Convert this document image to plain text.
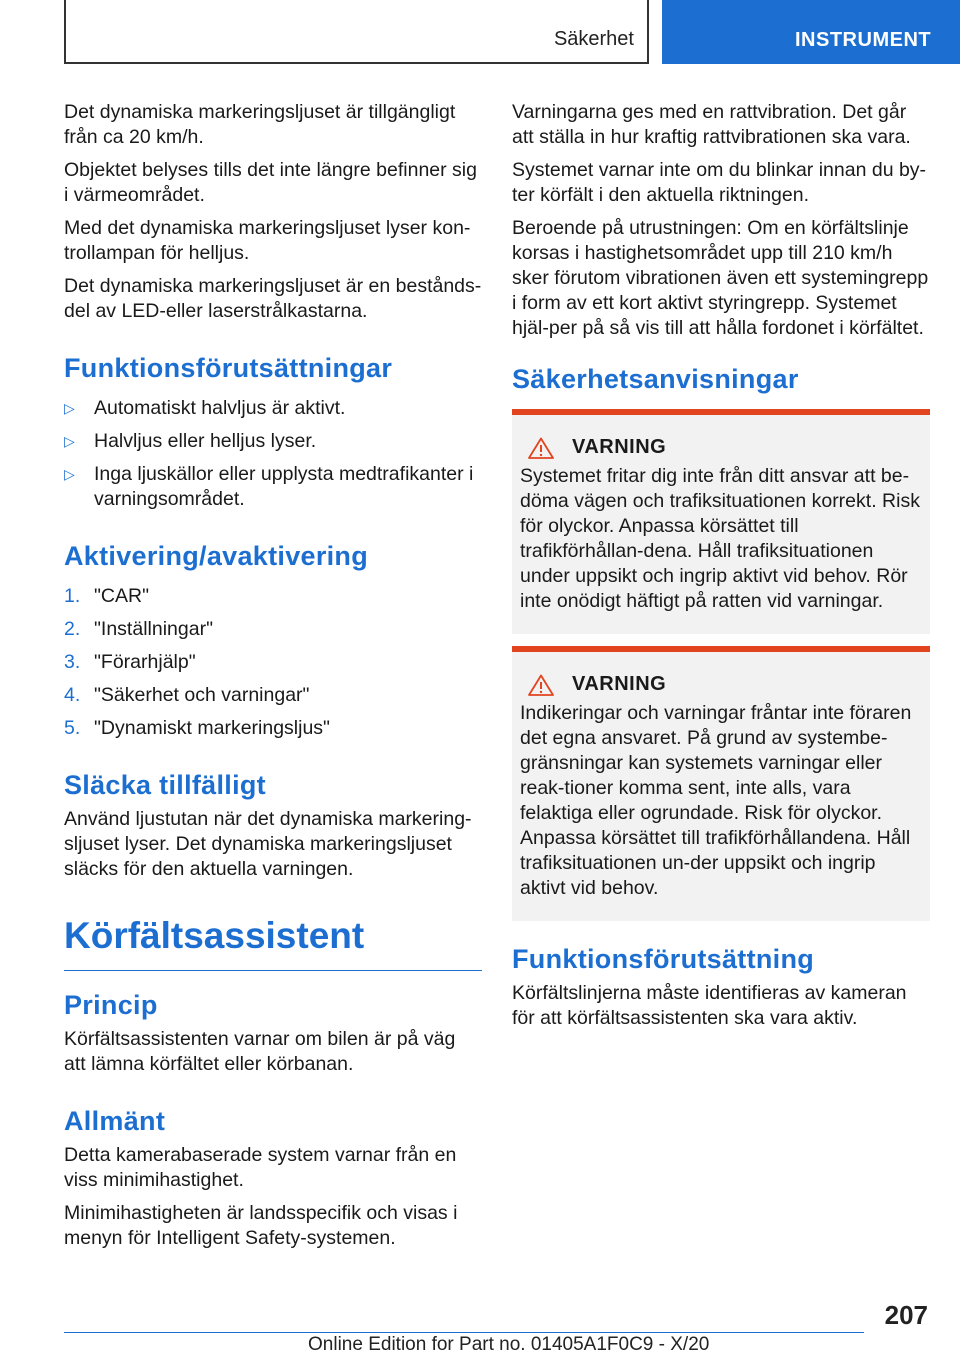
Säkerhet	INSTRUMENT

Det dynamiska markeringsljuset är tillgängligt från ca 20 km/h.

Objektet belyses tills det inte längre befinner sig i värmeområdet.

Med det dynamiska markeringsljuset lyser kon-trollampan för helljus.

Det dynamiska markeringsljuset är en bestånds-del av LED-eller laserstrålkastarna.

Funktionsförutsättningar
▷ Automatiskt halvljus är aktivt.
▷ Halvljus eller helljus lyser.
▷ Inga ljuskällor eller upplysta medtrafikanter i varningsområdet.
Aktivering/avaktivering
1. "CAR"
2. "Inställningar"
3. "Förarhjälp"
4. "Säkerhet och varningar"
5. "Dynamiskt markeringsljus"
Släcka tillfälligt

Använd ljustutan när det dynamiska markering-sljuset lyser. Det dynamiska markeringsljuset släcks för den aktuella varningen.

Körfältsassistent
Princip

Körfältsassistenten varnar om bilen är på väg att lämna körfältet eller körbanan.

Allmänt

Detta kamerabaserade system varnar från en viss minimihastighet.

Minimihastigheten är landsspecifik och visas i menyn för Intelligent Safety-systemen.

Varningarna ges med en rattvibration. Det går att ställa in hur kraftig rattvibrationen ska vara.

Systemet varnar inte om du blinkar innan du by-ter körfält i den aktuella riktningen.

Beroende på utrustningen: Om en körfältslinje korsas i hastighetsområdet upp till 210 km/h sker förutom vibrationen även ett systemingrepp i form av ett kort aktivt styringrepp. Systemet hjäl-per på så vis till att hålla fordonet i körfältet.

Säkerhetsanvisningar
VARNING

Systemet fritar dig inte från ditt ansvar att be-döma vägen och trafiksituationen korrekt. Risk för olyckor. Anpassa körsättet till trafikförhållan-dena. Håll trafiksituationen under uppsikt och ingrip aktivt vid behov. Rör inte onödigt häftigt på ratten vid varningar.

VARNING

Indikeringar och varningar fråntar inte föraren det egna ansvaret. På grund av systembe-gränsningar kan systemets varningar eller reak-tioner komma sent, inte alls, vara felaktiga eller ogrundade. Risk för olyckor. Anpassa körsättet till trafikförhållandena. Håll trafiksituationen un-der uppsikt och ingrip aktivt vid behov.

Funktionsförutsättning

Körfältslinjerna måste identifieras av kameran för att körfältsassistenten ska vara aktiv.

207
Online Edition for Part no. 01405A1F0C9 - X/20
